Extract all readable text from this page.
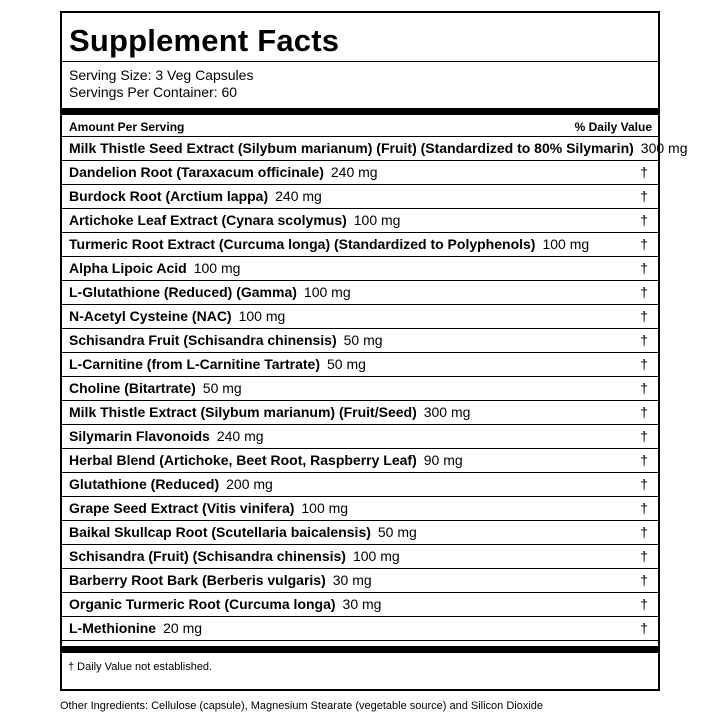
Supplement Facts
Serving Size: 3 Veg Capsules
Servings Per Container: 60
Amount Per Serving	% Daily Value
Milk Thistle Seed Extract (Silybum marianum) (Fruit) (Standardized to 80% Silymarin) 300 mg
Dandelion Root (Taraxacum officinale) 240 mg	†
Burdock Root (Arctium lappa) 240 mg	†
Artichoke Leaf Extract (Cynara scolymus) 100 mg	†
Turmeric Root Extract (Curcuma longa) (Standardized to Polyphenols) 100 mg	†
Alpha Lipoic Acid 100 mg	†
L-Glutathione (Reduced) (Gamma) 100 mg	†
N-Acetyl Cysteine (NAC) 100 mg	†
Schisandra Fruit (Schisandra chinensis) 50 mg	†
L-Carnitine (from L-Carnitine Tartrate) 50 mg	†
Choline (Bitartrate) 50 mg	†
Milk Thistle Extract (Silybum marianum) (Fruit/Seed) 300 mg	†
Silymarin Flavonoids 240 mg	†
Herbal Blend (Artichoke, Beet Root, Raspberry Leaf) 90 mg	†
Glutathione (Reduced) 200 mg	†
Grape Seed Extract (Vitis vinifera) 100 mg	†
Baikal Skullcap Root (Scutellaria baicalensis) 50 mg	†
Schisandra (Fruit) (Schisandra chinensis) 100 mg	†
Barberry Root Bark (Berberis vulgaris) 30 mg	†
Organic Turmeric Root (Curcuma longa) 30 mg	†
L-Methionine 20 mg	†
† Daily Value not established.
Other Ingredients: Cellulose (capsule), Magnesium Stearate (vegetable source) and Silicon Dioxide
